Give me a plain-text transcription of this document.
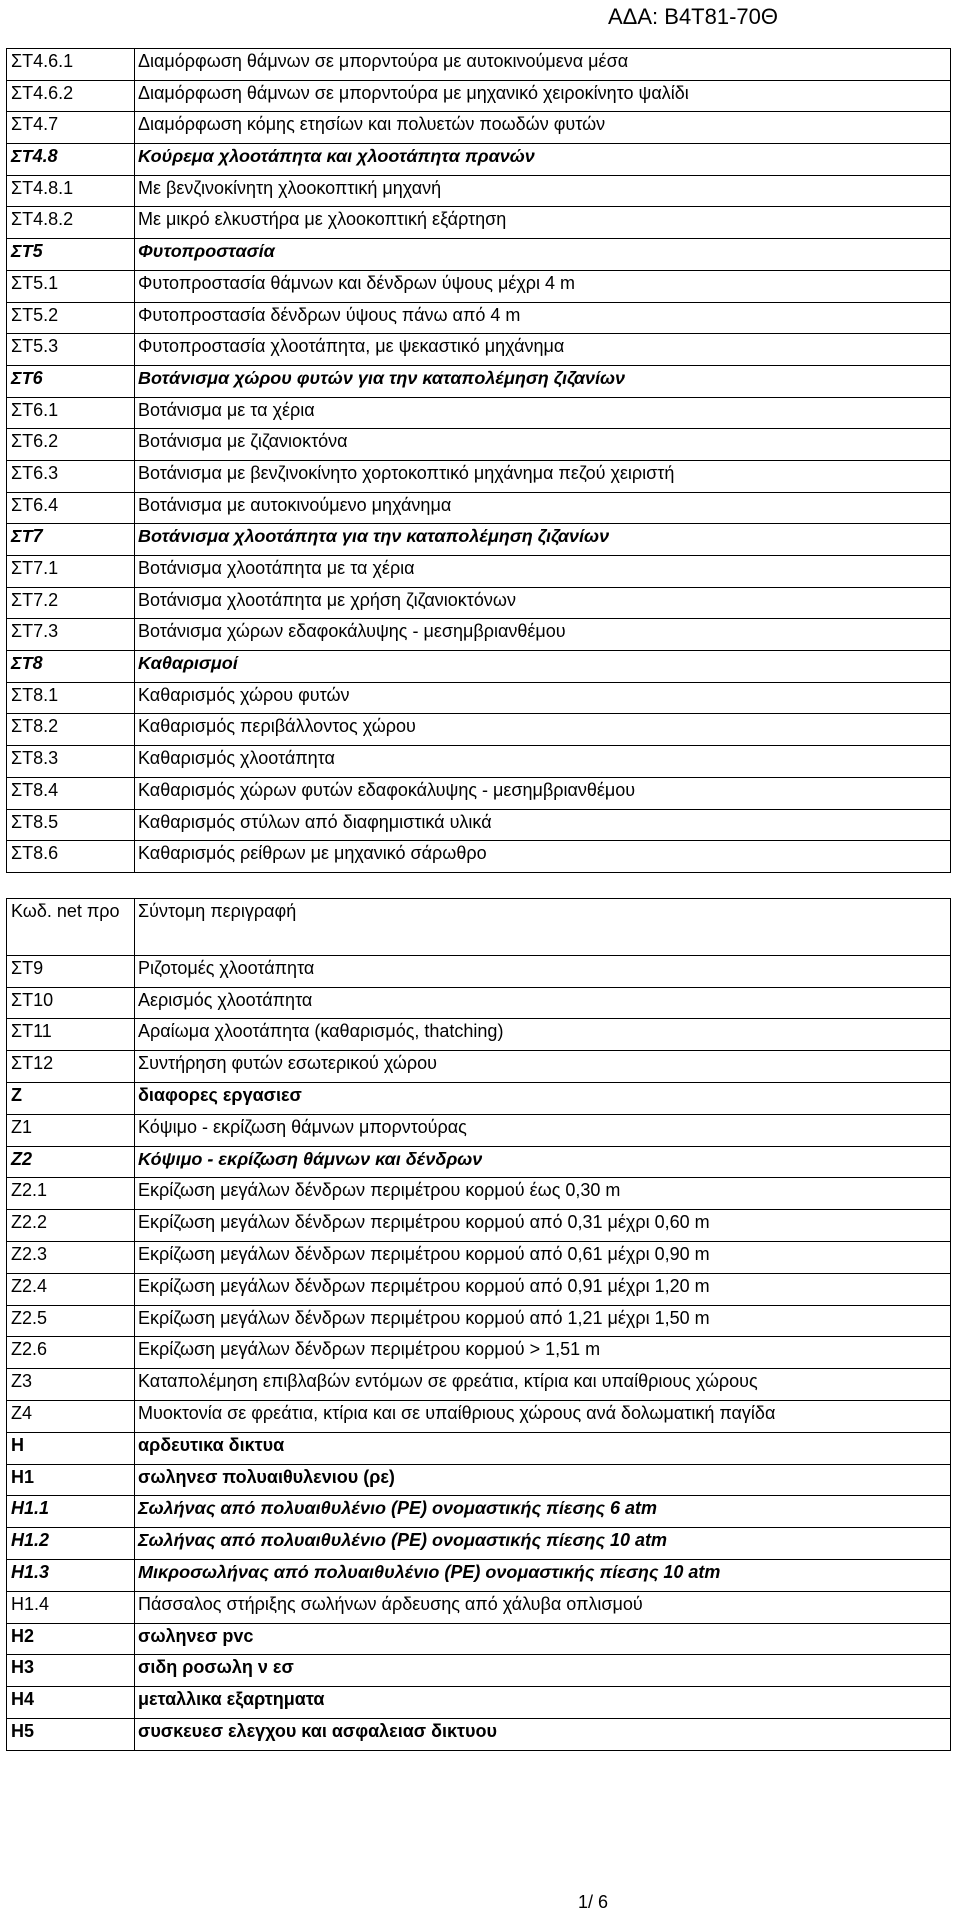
ΑΔΑ: Β4Τ81-70Θ
ΣΤ4.6.1	Διαμόρφωση θάμνων σε μπορντούρα με αυτοκινούμενα μέσα
ΣΤ4.6.2	Διαμόρφωση θάμνων σε μπορντούρα με μηχανικό χειροκίνητο ψαλίδι
ΣΤ4.7	Διαμόρφωση κόμης ετησίων και πολυετών ποωδών φυτών
ΣΤ4.8	Κούρεμα χλοοτάπητα και χλοοτάπητα πρανών
ΣΤ4.8.1	Με βενζινοκίνητη χλοοκοπτική μηχανή
ΣΤ4.8.2	Με μικρό ελκυστήρα με χλοοκοπτική εξάρτηση
ΣΤ5	Φυτοπροστασία
ΣΤ5.1	Φυτοπροστασία θάμνων και δένδρων ύψους μέχρι 4 m
ΣΤ5.2	Φυτοπροστασία δένδρων ύψους πάνω από 4 m
ΣΤ5.3	Φυτοπροστασία χλοοτάπητα, με ψεκαστικό μηχάνημα
ΣΤ6	Βοτάνισμα χώρου φυτών για την καταπολέμηση ζιζανίων
ΣΤ6.1	Βοτάνισμα με τα χέρια
ΣΤ6.2	Βοτάνισμα με ζιζανιοκτόνα
ΣΤ6.3	Βοτάνισμα με βενζινοκίνητο χορτοκοπτικό μηχάνημα πεζού χειριστή
ΣΤ6.4	Βοτάνισμα με αυτοκινούμενο μηχάνημα
ΣΤ7	Βοτάνισμα χλοοτάπητα για την καταπολέμηση ζιζανίων
ΣΤ7.1	Βοτάνισμα χλοοτάπητα με τα χέρια
ΣΤ7.2	Βοτάνισμα χλοοτάπητα με χρήση ζιζανιοκτόνων
ΣΤ7.3	Βοτάνισμα χώρων εδαφοκάλυψης - μεσημβριανθέμου
ΣΤ8	Καθαρισμοί
ΣΤ8.1	Καθαρισμός χώρου φυτών
ΣΤ8.2	Καθαρισμός περιβάλλοντος χώρου
ΣΤ8.3	Καθαρισμός χλοοτάπητα
ΣΤ8.4	Καθαρισμός χώρων φυτών εδαφοκάλυψης - μεσημβριανθέμου
ΣΤ8.5	Καθαρισμός στύλων από διαφημιστικά υλικά
ΣΤ8.6	Καθαρισμός ρείθρων με μηχανικό σάρωθρο

Κωδ. net προ	Σύντομη περιγραφή
ΣΤ9	Ριζοτομές χλοοτάπητα
ΣΤ10	Αερισμός χλοοτάπητα
ΣΤ11	Αραίωμα χλοοτάπητα (καθαρισμός, thatching)
ΣΤ12	Συντήρηση φυτών εσωτερικού χώρου
Z	διαφορες εργασιεσ
Z1	Κόψιμο - εκρίζωση θάμνων μπορντούρας
Z2	Κόψιμο - εκρίζωση θάμνων και δένδρων
Z2.1	Εκρίζωση μεγάλων δένδρων περιμέτρου κορμού έως 0,30 m
Z2.2	Εκρίζωση μεγάλων δένδρων περιμέτρου κορμού από 0,31 μέχρι 0,60 m
Z2.3	Εκρίζωση μεγάλων δένδρων περιμέτρου κορμού από 0,61 μέχρι 0,90 m
Z2.4	Εκρίζωση μεγάλων δένδρων περιμέτρου κορμού από 0,91 μέχρι 1,20 m
Z2.5	Εκρίζωση μεγάλων δένδρων περιμέτρου κορμού από 1,21 μέχρι 1,50 m
Z2.6	Εκρίζωση μεγάλων δένδρων περιμέτρου κορμού > 1,51 m
Z3	Καταπολέμηση επιβλαβών εντόμων σε φρεάτια, κτίρια και υπαίθριους χώρους
Z4	Μυοκτονία σε φρεάτια, κτίρια και σε υπαίθριους χώρους ανά δολωματική παγίδα
H	αρδευτικα δικτυα
H1	σωληνεσ πολυαιθυλενιου (ρε)
H1.1	Σωλήνας από πολυαιθυλένιο (PE) ονομαστικής πίεσης 6 atm
H1.2	Σωλήνας από πολυαιθυλένιο (PE) ονομαστικής πίεσης 10 atm
H1.3	Μικροσωλήνας από πολυαιθυλένιο (PE) ονομαστικής πίεσης 10 atm
H1.4	Πάσσαλος στήριξης σωλήνων άρδευσης από χάλυβα οπλισμού
H2	σωληνεσ pvc
H3	σιδη ροσωλη ν εσ
H4	μεταλλικα εξαρτηματα
H5	συσκευεσ ελεγχου και ασφαλειασ δικτυου
1/ 6
